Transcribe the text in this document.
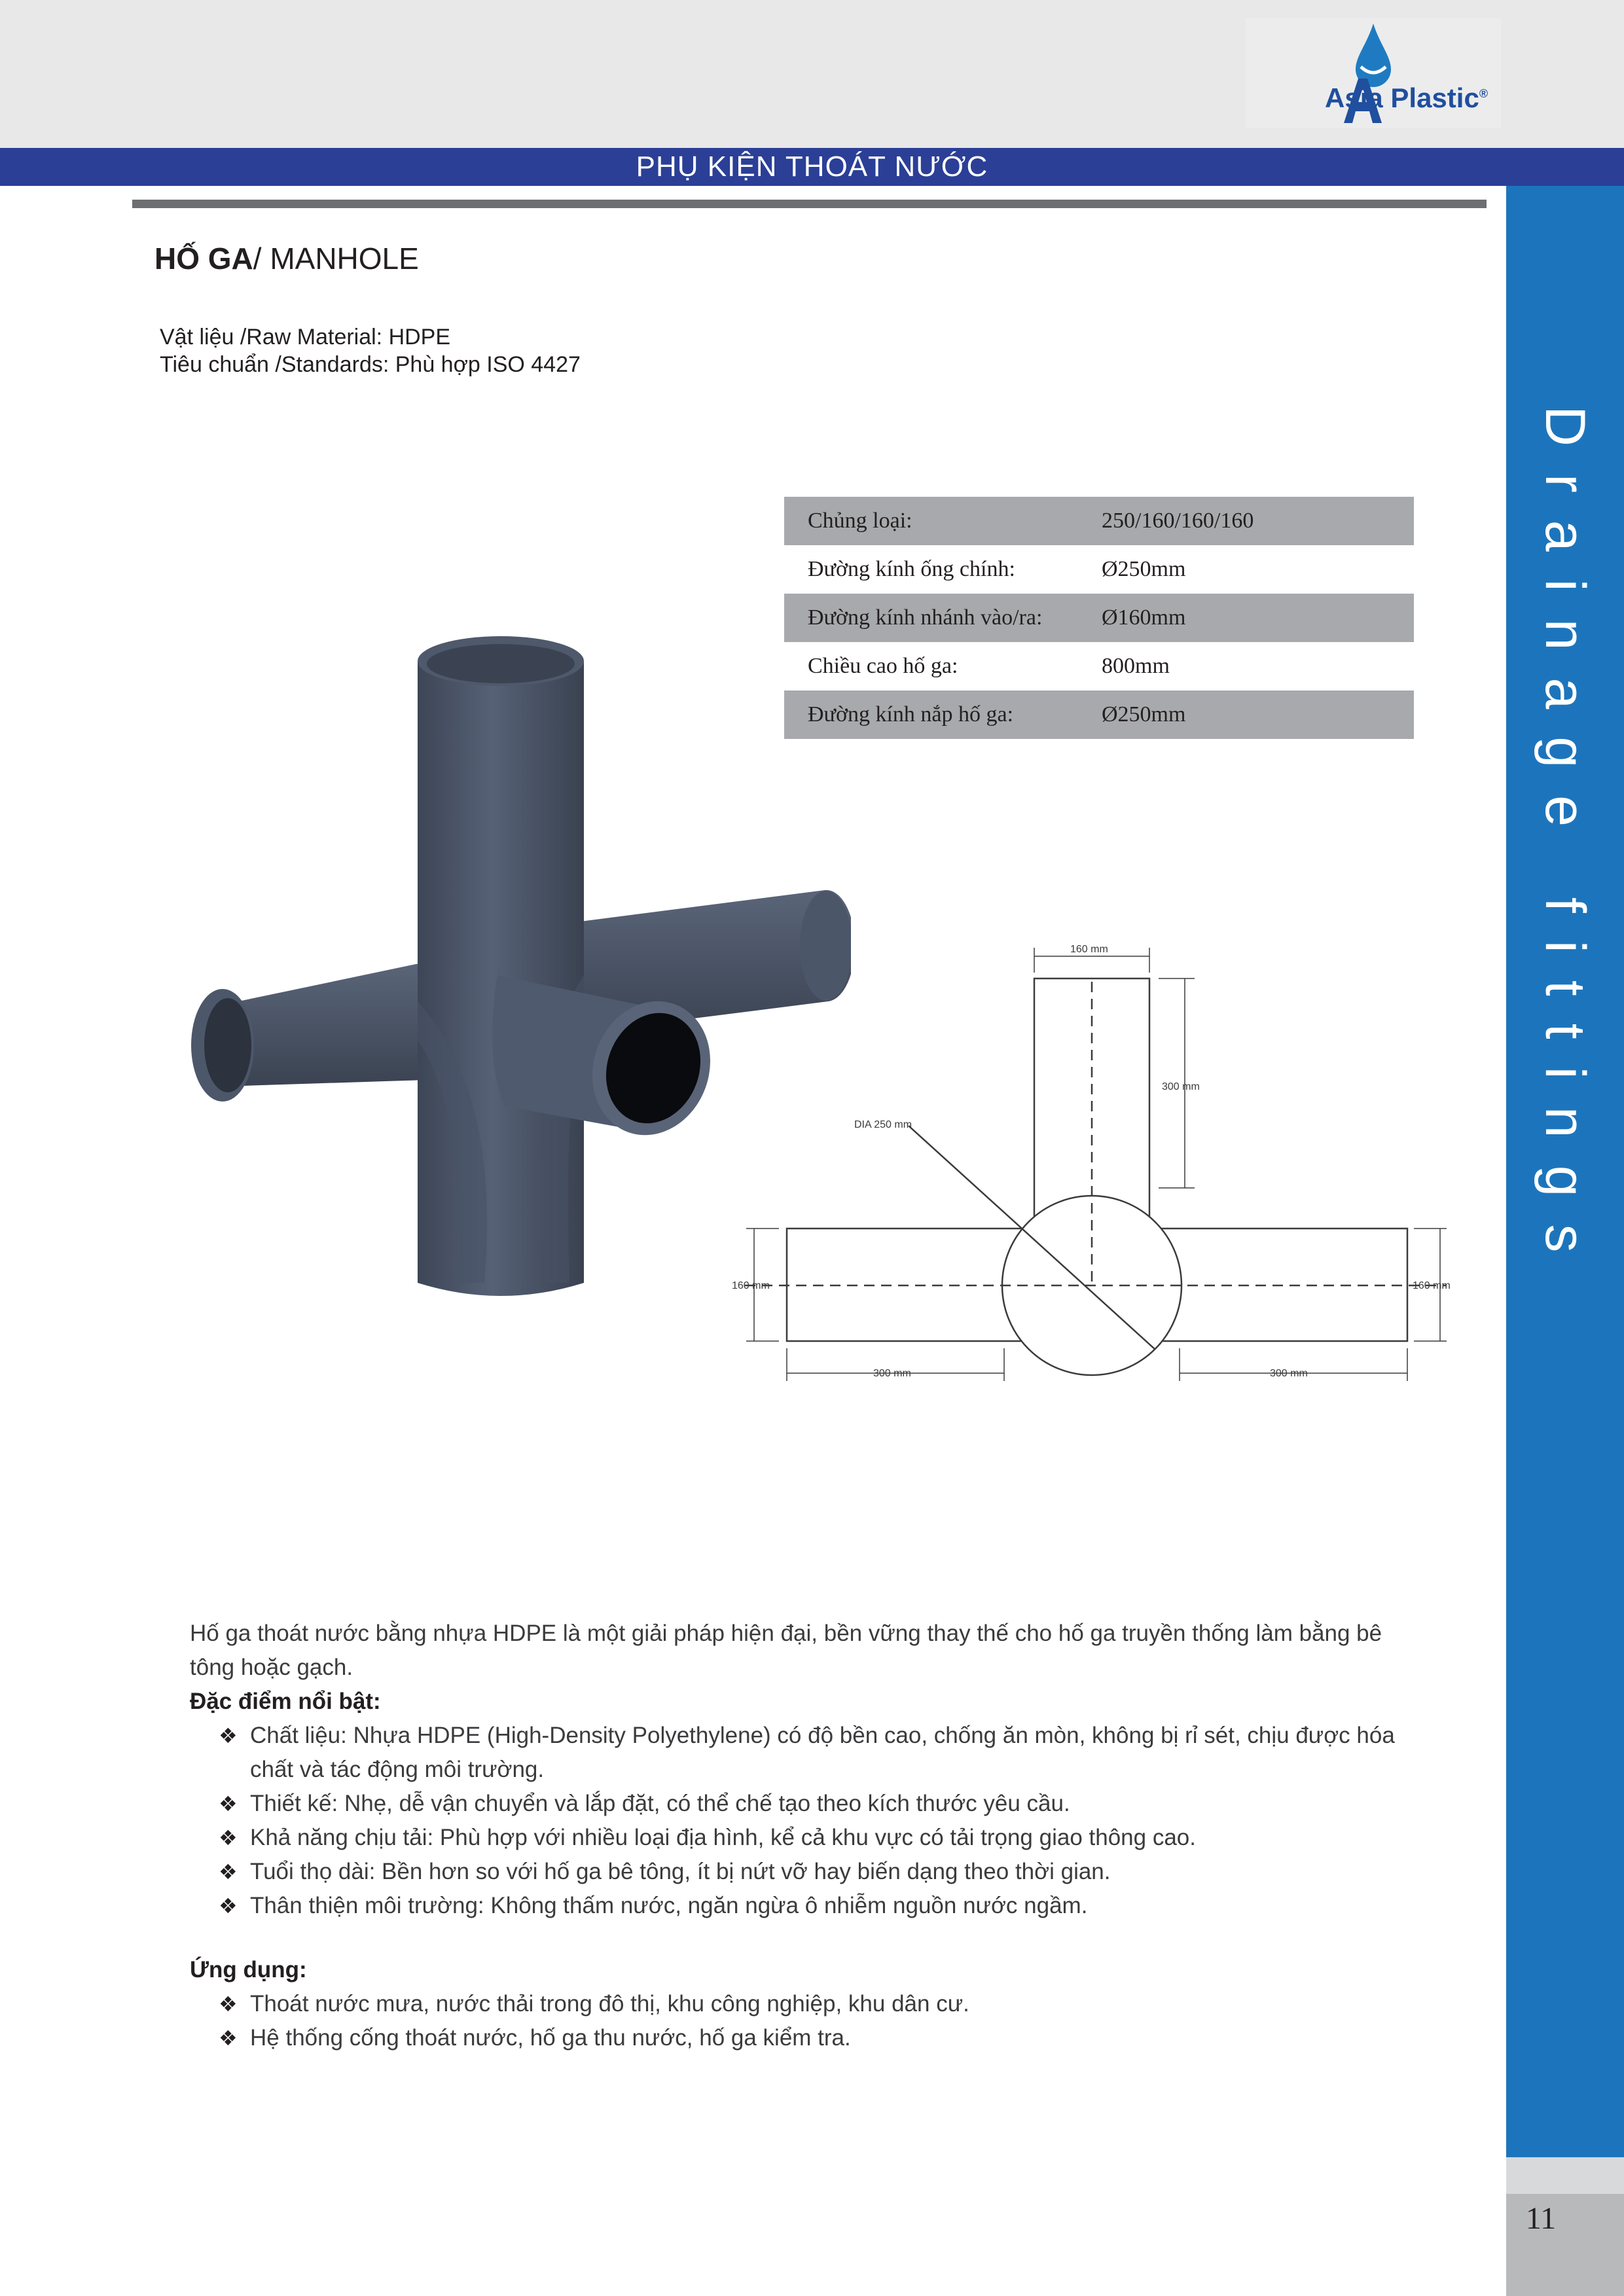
Asia Plastic®
PHỤ KIỆN THOÁT NƯỚC
Drainage fittings
11
HỐ GA/ MANHOLE
Vật liệu /Raw Material: HDPE
Tiêu chuẩn /Standards: Phù hợp ISO 4427
Chủng loại:	250/160/160/160
Đường kính ống chính:	Ø250mm
Đường kính nhánh vào/ra:	Ø160mm
Chiều cao hố ga:	800mm
Đường kính nắp hố ga:	Ø250mm
160 mm
300 mm
DIA 250 mm
160 mm	160 mm
300 mm	300 mm

Hố ga thoát nước bằng nhựa HDPE là một giải pháp hiện đại, bền vững thay thế cho hố ga truyền thống làm bằng bê

tông hoặc gạch.

Đặc điểm nổi bật:

❖ Chất liệu: Nhựa HDPE (High-Density Polyethylene) có độ bền cao, chống ăn mòn, không bị rỉ sét, chịu được hóa
chất và tác động môi trường.
❖ Thiết kế: Nhẹ, dễ vận chuyển và lắp đặt, có thể chế tạo theo kích thước yêu cầu.
❖ Khả năng chịu tải: Phù hợp với nhiều loại địa hình, kể cả khu vực có tải trọng giao thông cao.
❖ Tuổi thọ dài: Bền hơn so với hố ga bê tông, ít bị nứt vỡ hay biến dạng theo thời gian.
❖ Thân thiện môi trường: Không thấm nước, ngăn ngừa ô nhiễm nguồn nước ngầm.

Ứng dụng:

❖ Thoát nước mưa, nước thải trong đô thị, khu công nghiệp, khu dân cư.
❖ Hệ thống cống thoát nước, hố ga thu nước, hố ga kiểm tra.
